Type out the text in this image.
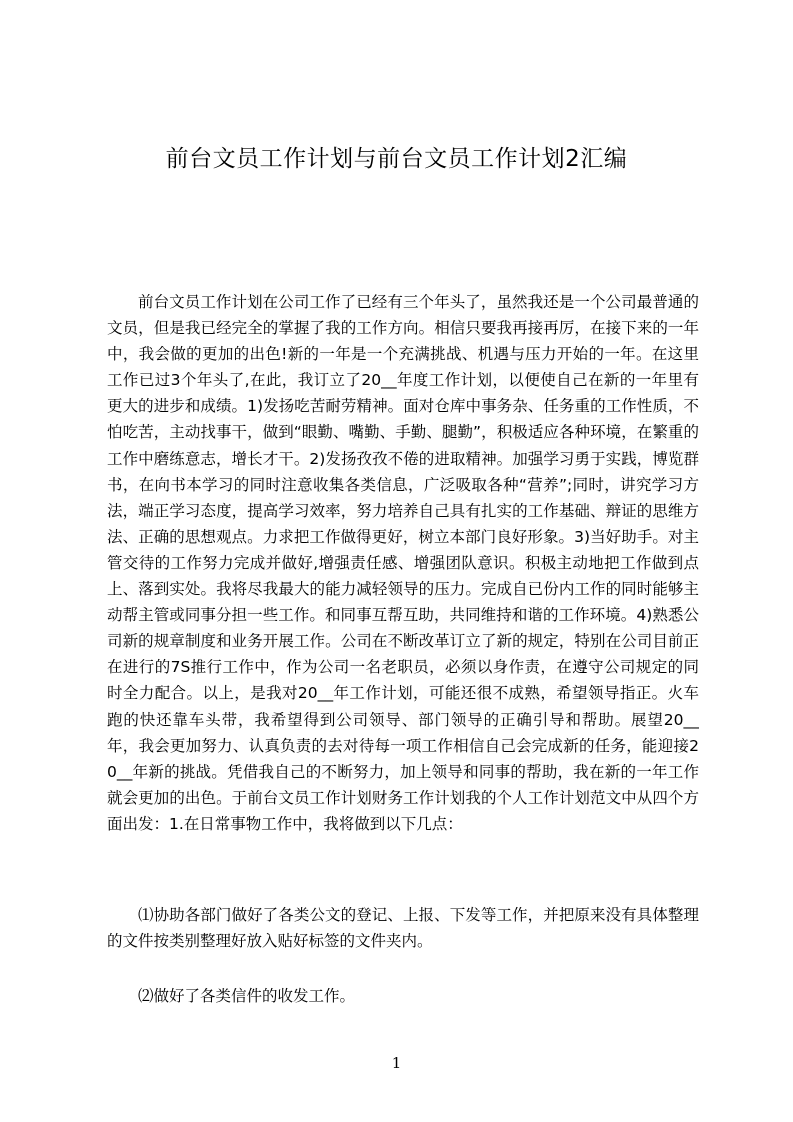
前台文员工作计划与前台文员工作计划2汇编

前台文员工作计划在公司工作了已经有三个年头了，虽然我还是一个公司最普通的文员，但是我已经完全的掌握了我的工作方向。相信只要我再接再厉，在接下来的一年中，我会做的更加的出色!新的一年是一个充满挑战、机遇与压力开始的一年。在这里工作已过3个年头了,在此，我订立了20__年度工作计划，以便使自己在新的一年里有更大的进步和成绩。1)发扬吃苦耐劳精神。面对仓库中事务杂、任务重的工作性质，不怕吃苦，主动找事干，做到“眼勤、嘴勤、手勤、腿勤”，积极适应各种环境，在繁重的工作中磨练意志，增长才干。2)发扬孜孜不倦的进取精神。加强学习勇于实践，博览群书，在向书本学习的同时注意收集各类信息，广泛吸取各种“营养”;同时，讲究学习方法，端正学习态度，提高学习效率，努力培养自己具有扎实的工作基础、辩证的思维方法、正确的思想观点。力求把工作做得更好，树立本部门良好形象。3)当好助手。对主管交待的工作努力完成并做好,增强责任感、增强团队意识。积极主动地把工作做到点上、落到实处。我将尽我最大的能力减轻领导的压力。完成自已份内工作的同时能够主动帮主管或同事分担一些工作。和同事互帮互助，共同维持和谐的工作环境。4)熟悉公司新的规章制度和业务开展工作。公司在不断改革订立了新的规定，特别在公司目前正在进行的7S推行工作中，作为公司一名老职员，必须以身作责，在遵守公司规定的同时全力配合。以上，是我对20__年工作计划，可能还很不成熟，希望领导指正。火车跑的快还靠车头带，我希望得到公司领导、部门领导的正确引导和帮助。展望20__年，我会更加努力、认真负责的去对待每一项工作相信自己会完成新的任务，能迎接20__年新的挑战。凭借我自己的不断努力，加上领导和同事的帮助，我在新的一年工作就会更加的出色。于前台文员工作计划财务工作计划我的个人工作计划范文中从四个方面出发：1.在日常事物工作中，我将做到以下几点：

⑴协助各部门做好了各类公文的登记、上报、下发等工作，并把原来没有具体整理的文件按类别整理好放入贴好标签的文件夹内。

⑵做好了各类信件的收发工作。

1
